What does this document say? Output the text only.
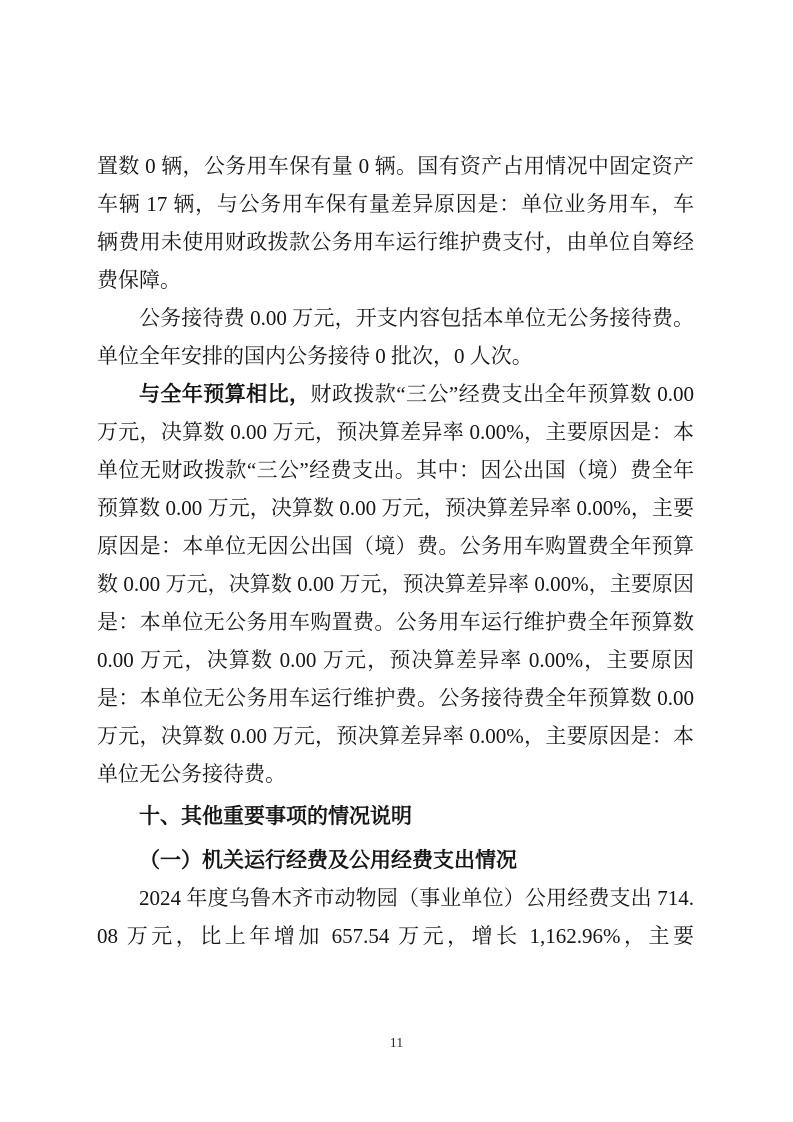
置数 0 辆，公务用车保有量 0 辆。国有资产占用情况中固定资产车辆 17 辆，与公务用车保有量差异原因是：单位业务用车，车辆费用未使用财政拨款公务用车运行维护费支付，由单位自筹经费保障。

公务接待费 0.00 万元，开支内容包括本单位无公务接待费。单位全年安排的国内公务接待 0 批次，0 人次。

与全年预算相比，财政拨款“三公”经费支出全年预算数 0.00 万元，决算数 0.00 万元，预决算差异率 0.00%，主要原因是：本单位无财政拨款“三公”经费支出。其中：因公出国（境）费全年预算数 0.00 万元，决算数 0.00 万元，预决算差异率 0.00%，主要原因是：本单位无因公出国（境）费。公务用车购置费全年预算数 0.00 万元，决算数 0.00 万元，预决算差异率 0.00%，主要原因是：本单位无公务用车购置费。公务用车运行维护费全年预算数 0.00 万元，决算数 0.00 万元，预决算差异率 0.00%，主要原因是：本单位无公务用车运行维护费。公务接待费全年预算数 0.00 万元，决算数 0.00 万元，预决算差异率 0.00%，主要原因是：本单位无公务接待费。

十、其他重要事项的情况说明

（一）机关运行经费及公用经费支出情况

2024 年度乌鲁木齐市动物园（事业单位）公用经费支出 714.08 万元，比上年增加 657.54 万元，增长 1,162.96%，主要

11
